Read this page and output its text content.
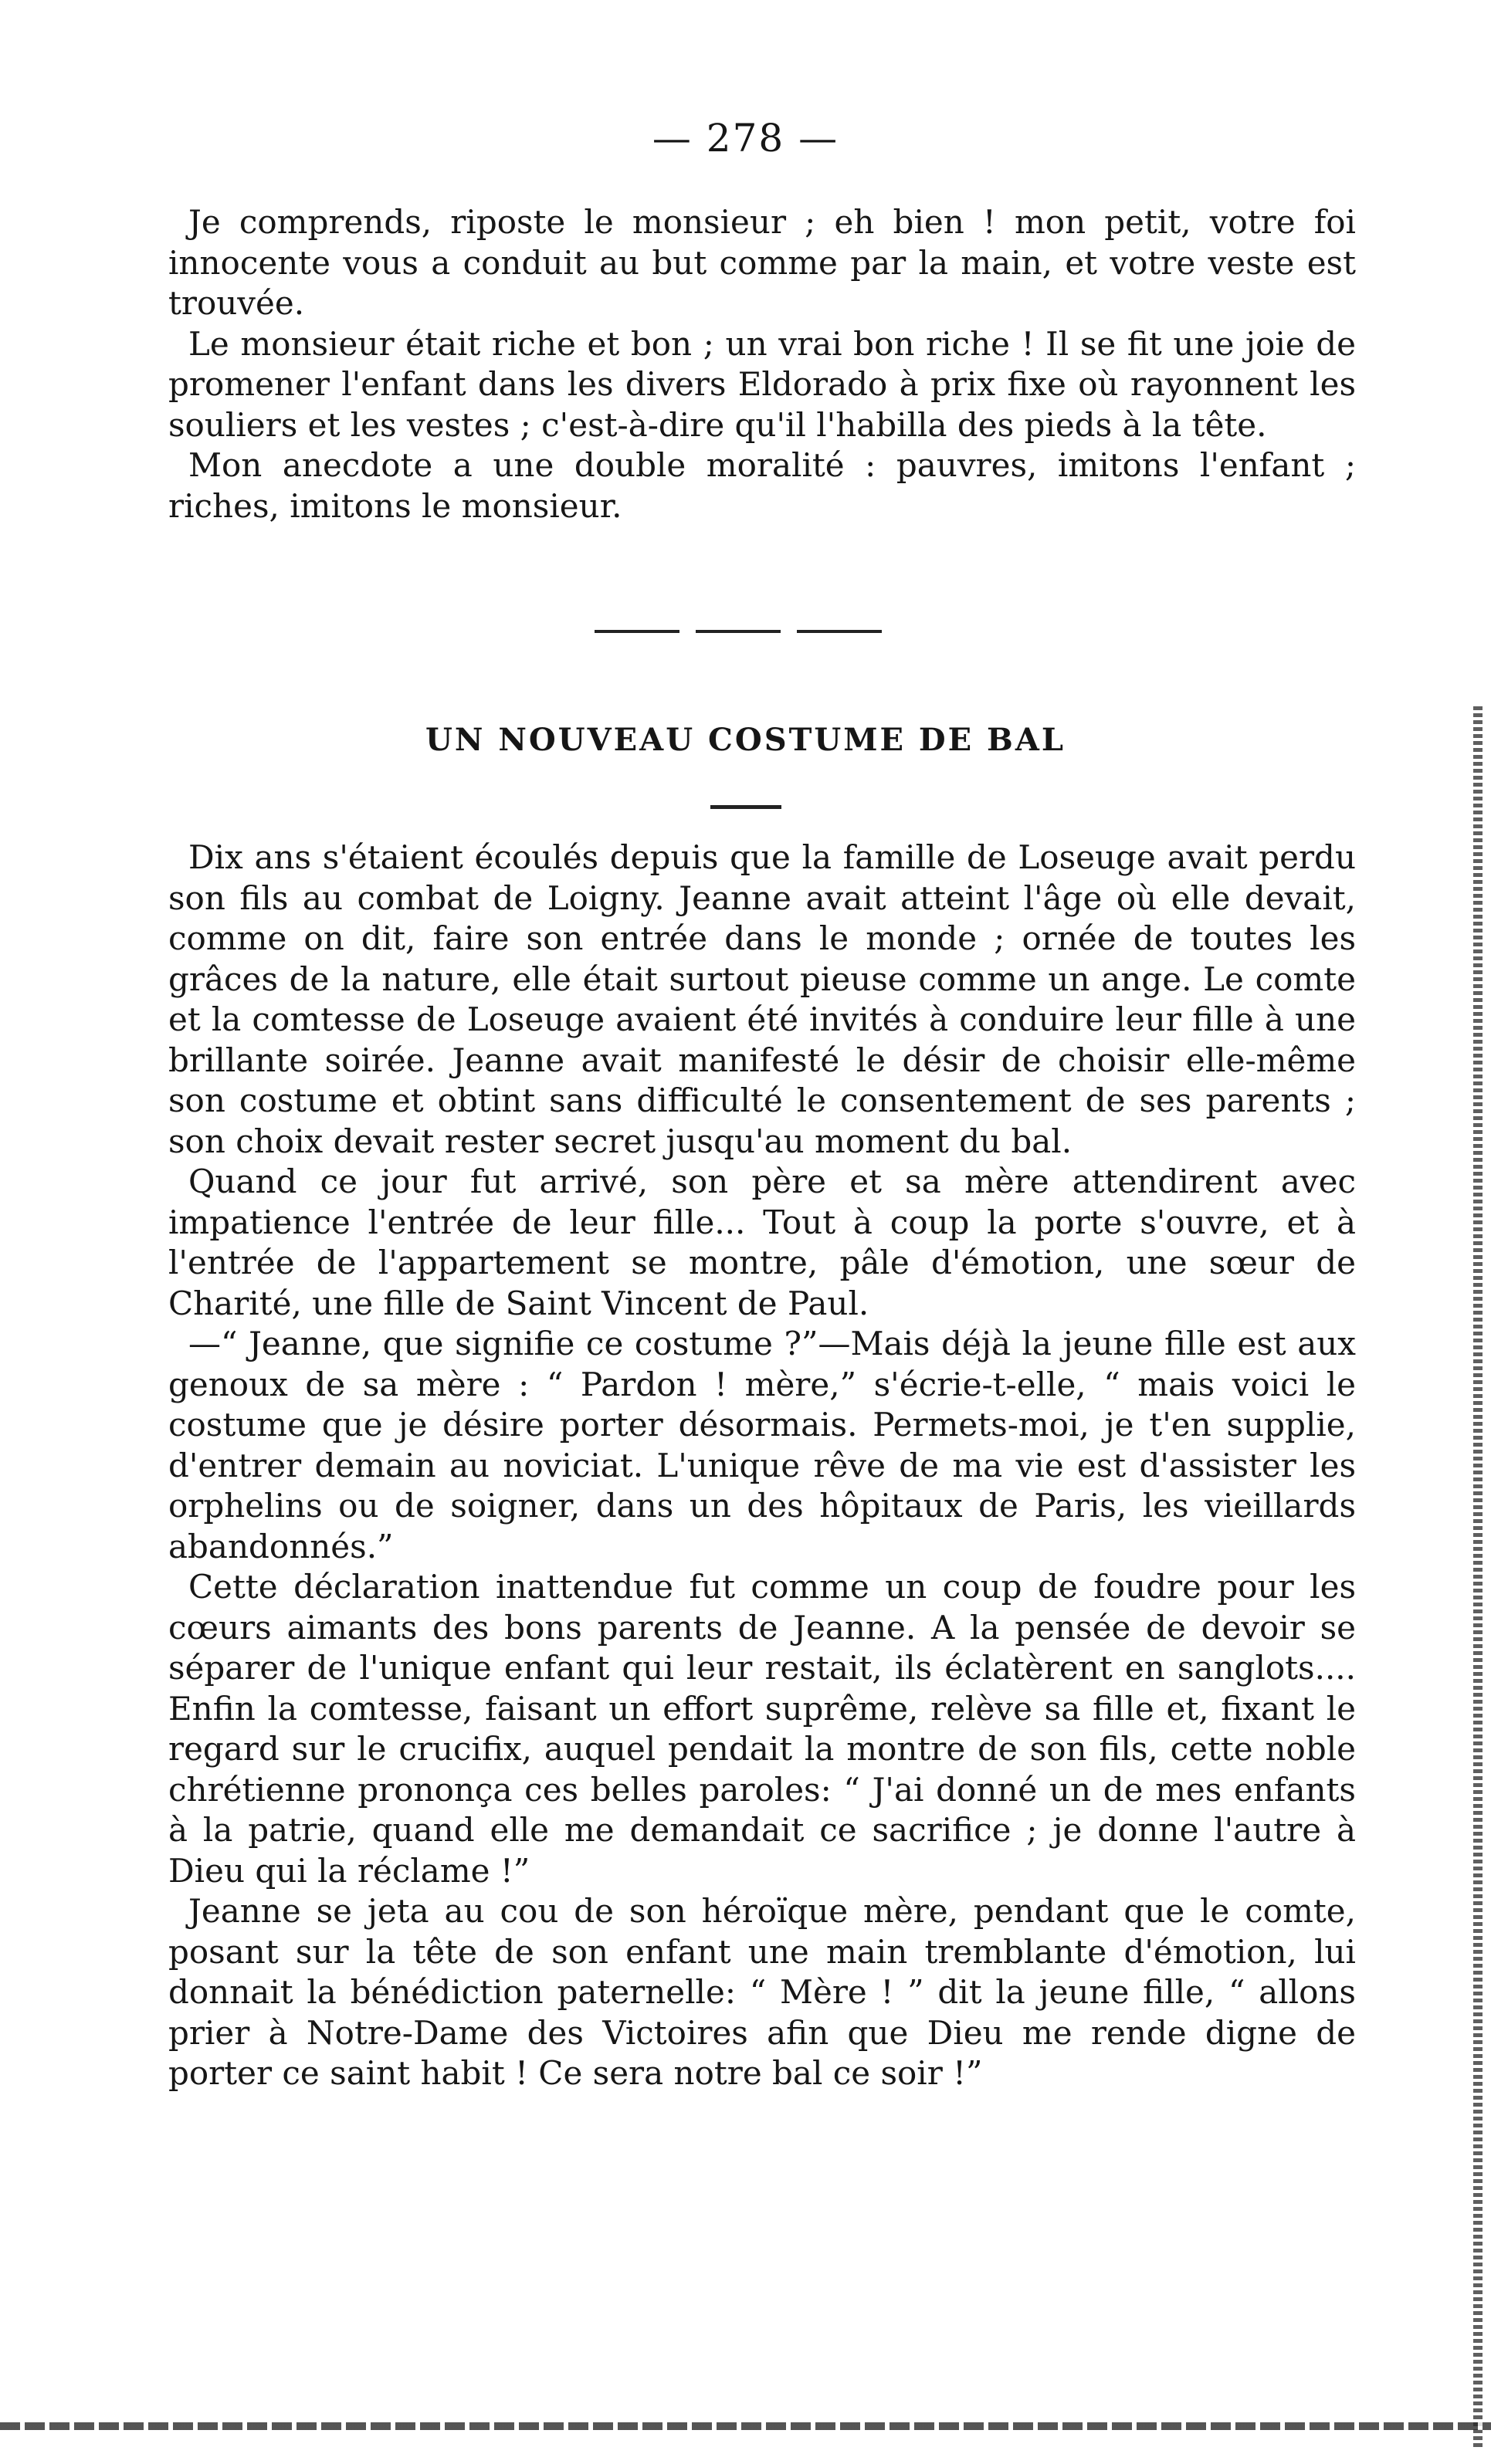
— 278 —

Je comprends, riposte le monsieur ; eh bien ! mon petit, votre foi innocente vous a conduit au but comme par la main, et votre veste est trouvée.

Le monsieur était riche et bon ; un vrai bon riche ! Il se fit une joie de promener l'enfant dans les divers Eldorado à prix fixe où rayonnent les souliers et les vestes ; c'est-à-dire qu'il l'habilla des pieds à la tête.

Mon anecdote a une double moralité : pauvres, imitons l'enfant ; riches, imitons le monsieur.

UN NOUVEAU COSTUME DE BAL

Dix ans s'étaient écoulés depuis que la famille de Loseuge avait perdu son fils au combat de Loigny. Jeanne avait atteint l'âge où elle devait, comme on dit, faire son entrée dans le monde ; ornée de toutes les grâces de la nature, elle était surtout pieuse comme un ange. Le comte et la comtesse de Loseuge avaient été invités à conduire leur fille à une brillante soirée. Jeanne avait manifesté le désir de choisir elle-même son costume et obtint sans difficulté le consentement de ses parents ; son choix devait rester secret jusqu'au moment du bal.

Quand ce jour fut arrivé, son père et sa mère attendirent avec impatience l'entrée de leur fille... Tout à coup la porte s'ouvre, et à l'entrée de l'appartement se montre, pâle d'émotion, une sœur de Charité, une fille de Saint Vincent de Paul.

—“ Jeanne, que signifie ce costume ?”—Mais déjà la jeune fille est aux genoux de sa mère : “ Pardon ! mère,” s'écrie-t-elle, “ mais voici le costume que je désire porter désormais. Permets-moi, je t'en supplie, d'entrer demain au noviciat. L'unique rêve de ma vie est d'assister les orphelins ou de soigner, dans un des hôpitaux de Paris, les vieillards abandonnés.”

Cette déclaration inattendue fut comme un coup de foudre pour les cœurs aimants des bons parents de Jeanne. A la pensée de devoir se séparer de l'unique enfant qui leur restait, ils éclatèrent en sanglots.... Enfin la comtesse, faisant un effort suprême, relève sa fille et, fixant le regard sur le crucifix, auquel pendait la montre de son fils, cette noble chrétienne prononça ces belles paroles: “ J'ai donné un de mes enfants à la patrie, quand elle me demandait ce sacrifice ; je donne l'autre à Dieu qui la réclame !”

Jeanne se jeta au cou de son héroïque mère, pendant que le comte, posant sur la tête de son enfant une main tremblante d'émotion, lui donnait la bénédiction paternelle: “ Mère ! ” dit la jeune fille, “ allons prier à Notre-Dame des Victoires afin que Dieu me rende digne de porter ce saint habit ! Ce sera notre bal ce soir !”
